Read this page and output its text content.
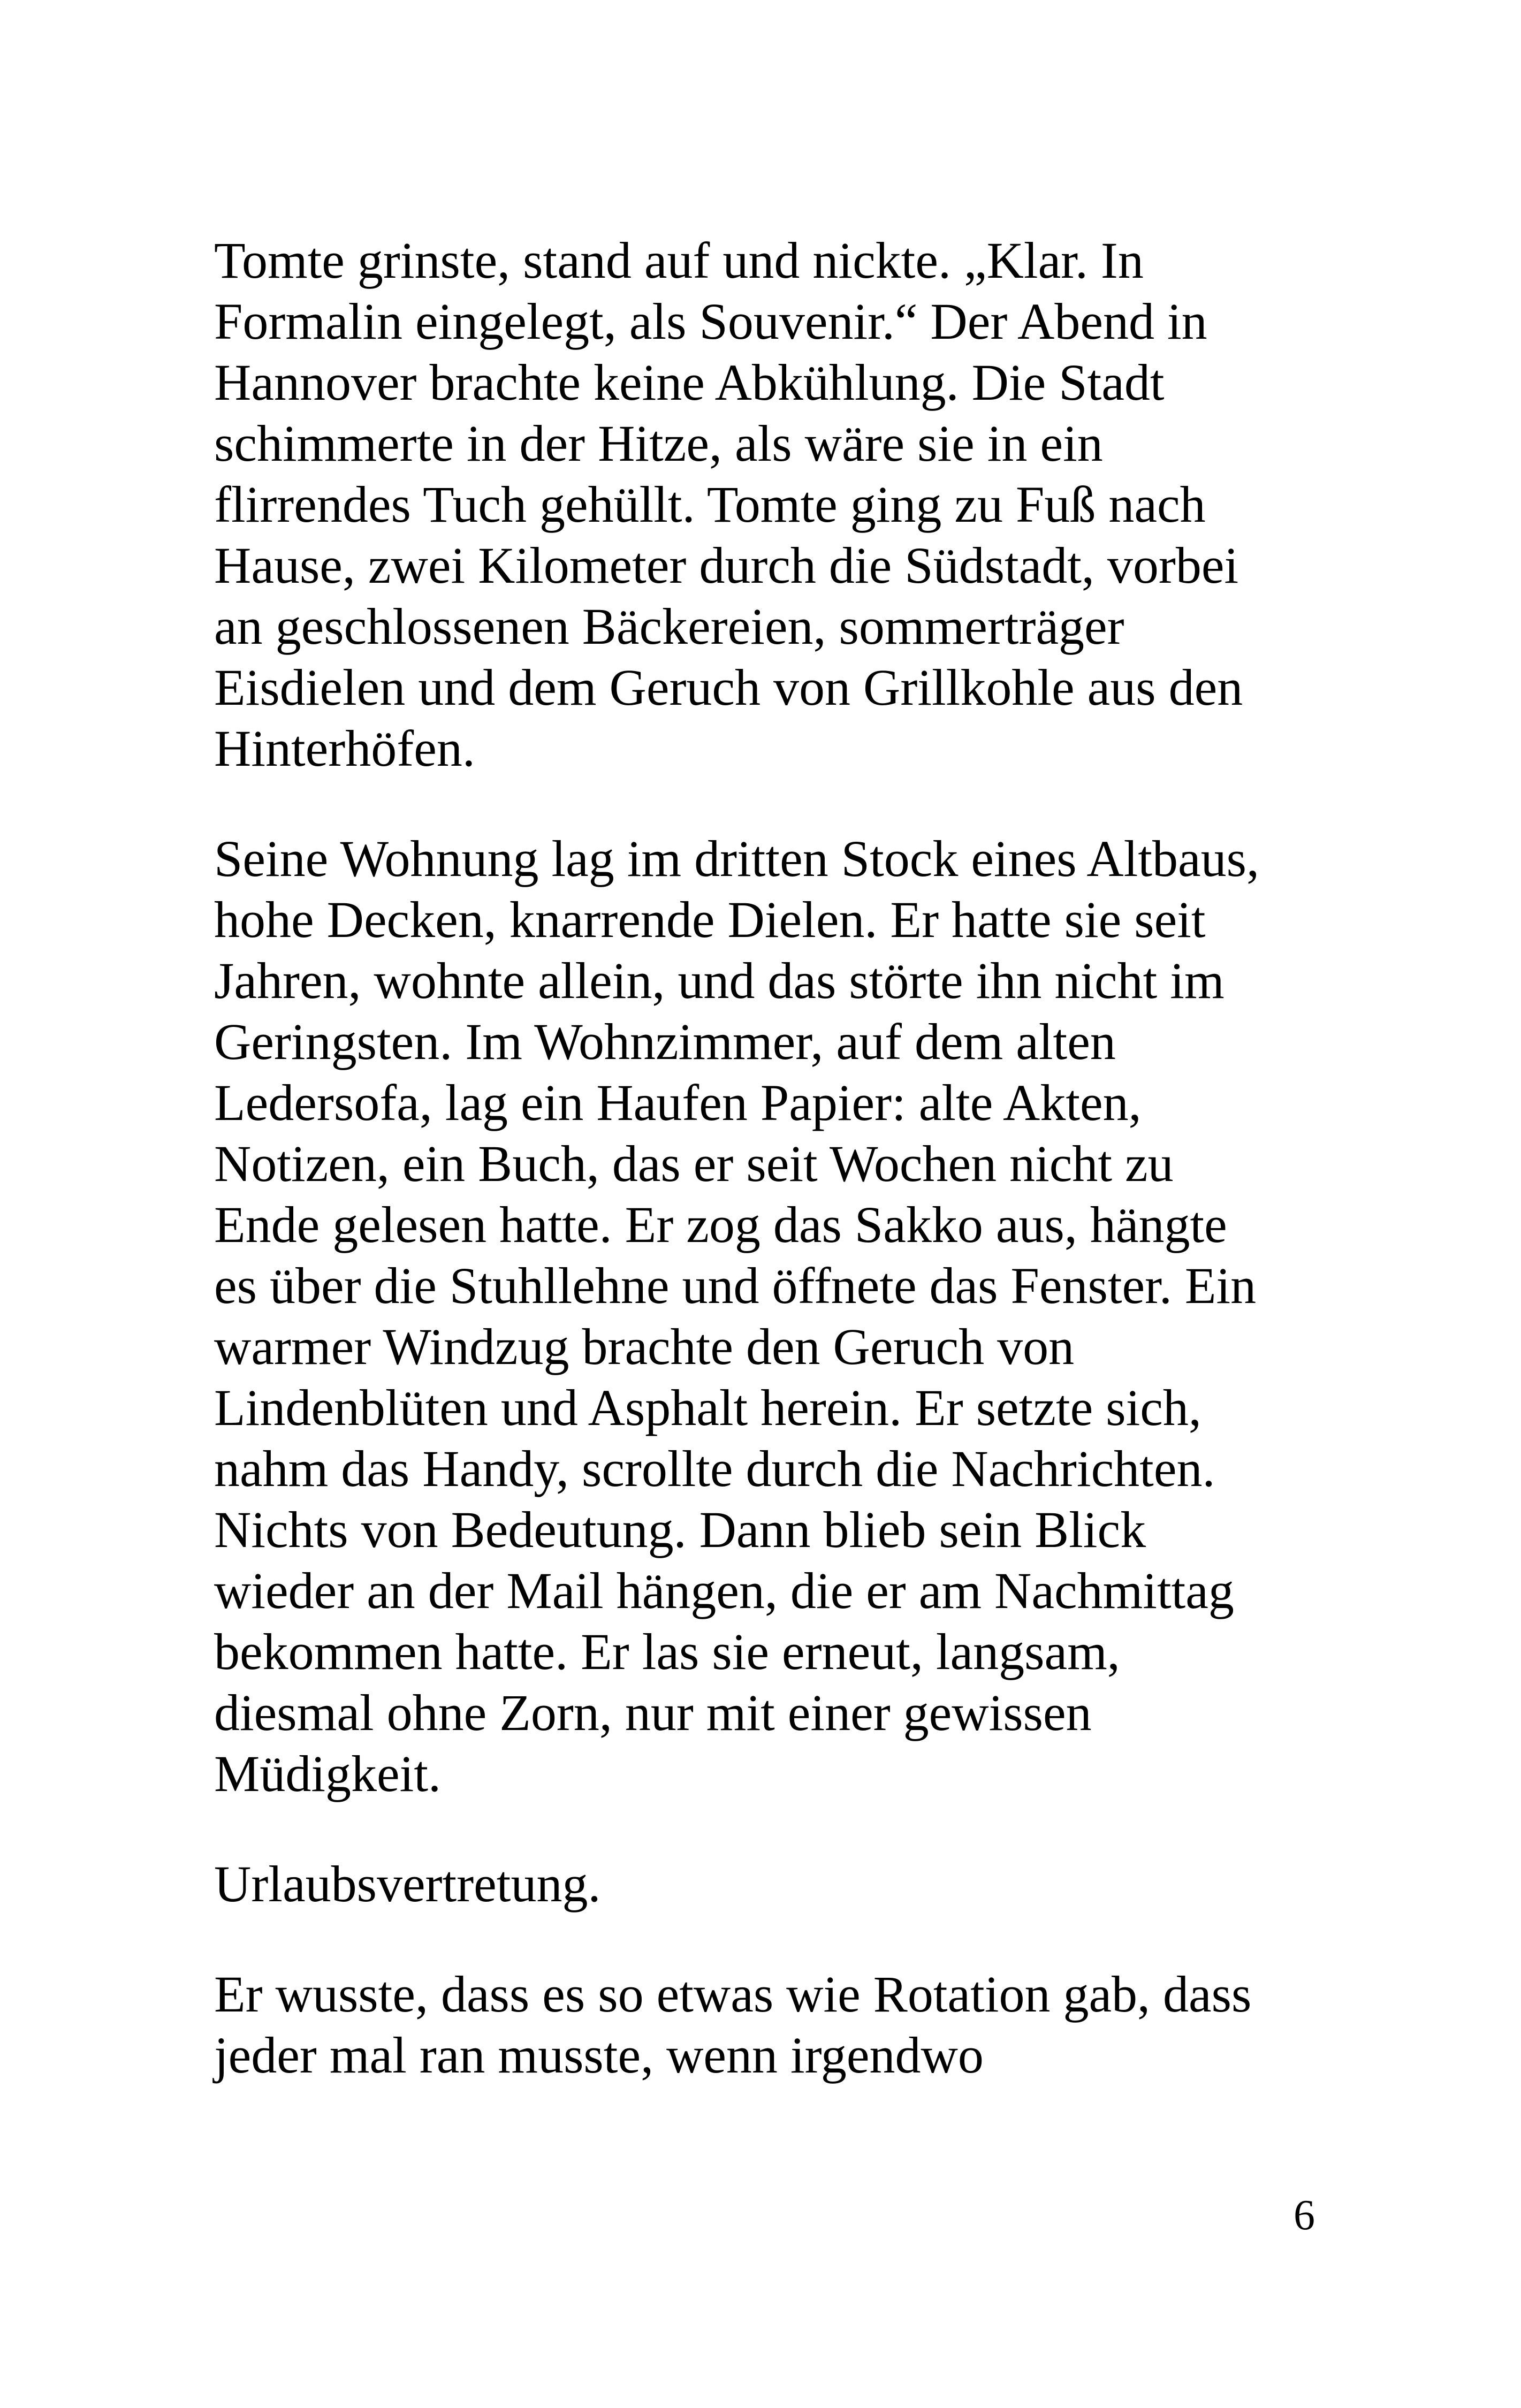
Tomte grinste, stand auf und nickte. „Klar. In
Formalin eingelegt, als Souvenir.“ Der Abend in
Hannover brachte keine Abkühlung. Die Stadt
schimmerte in der Hitze, als wäre sie in ein
flirrendes Tuch gehüllt. Tomte ging zu Fuß nach
Hause, zwei Kilometer durch die Südstadt, vorbei
an geschlossenen Bäckereien, sommerträger
Eisdielen und dem Geruch von Grillkohle aus den
Hinterhöfen.

Seine Wohnung lag im dritten Stock eines Altbaus,
hohe Decken, knarrende Dielen. Er hatte sie seit
Jahren, wohnte allein, und das störte ihn nicht im
Geringsten. Im Wohnzimmer, auf dem alten
Ledersofa, lag ein Haufen Papier: alte Akten,
Notizen, ein Buch, das er seit Wochen nicht zu
Ende gelesen hatte. Er zog das Sakko aus, hängte
es über die Stuhllehne und öffnete das Fenster. Ein
warmer Windzug brachte den Geruch von
Lindenblüten und Asphalt herein. Er setzte sich,
nahm das Handy, scrollte durch die Nachrichten.
Nichts von Bedeutung. Dann blieb sein Blick
wieder an der Mail hängen, die er am Nachmittag
bekommen hatte. Er las sie erneut, langsam,
diesmal ohne Zorn, nur mit einer gewissen
Müdigkeit.

Urlaubsvertretung.

Er wusste, dass es so etwas wie Rotation gab, dass
jeder mal ran musste, wenn irgendwo

6
